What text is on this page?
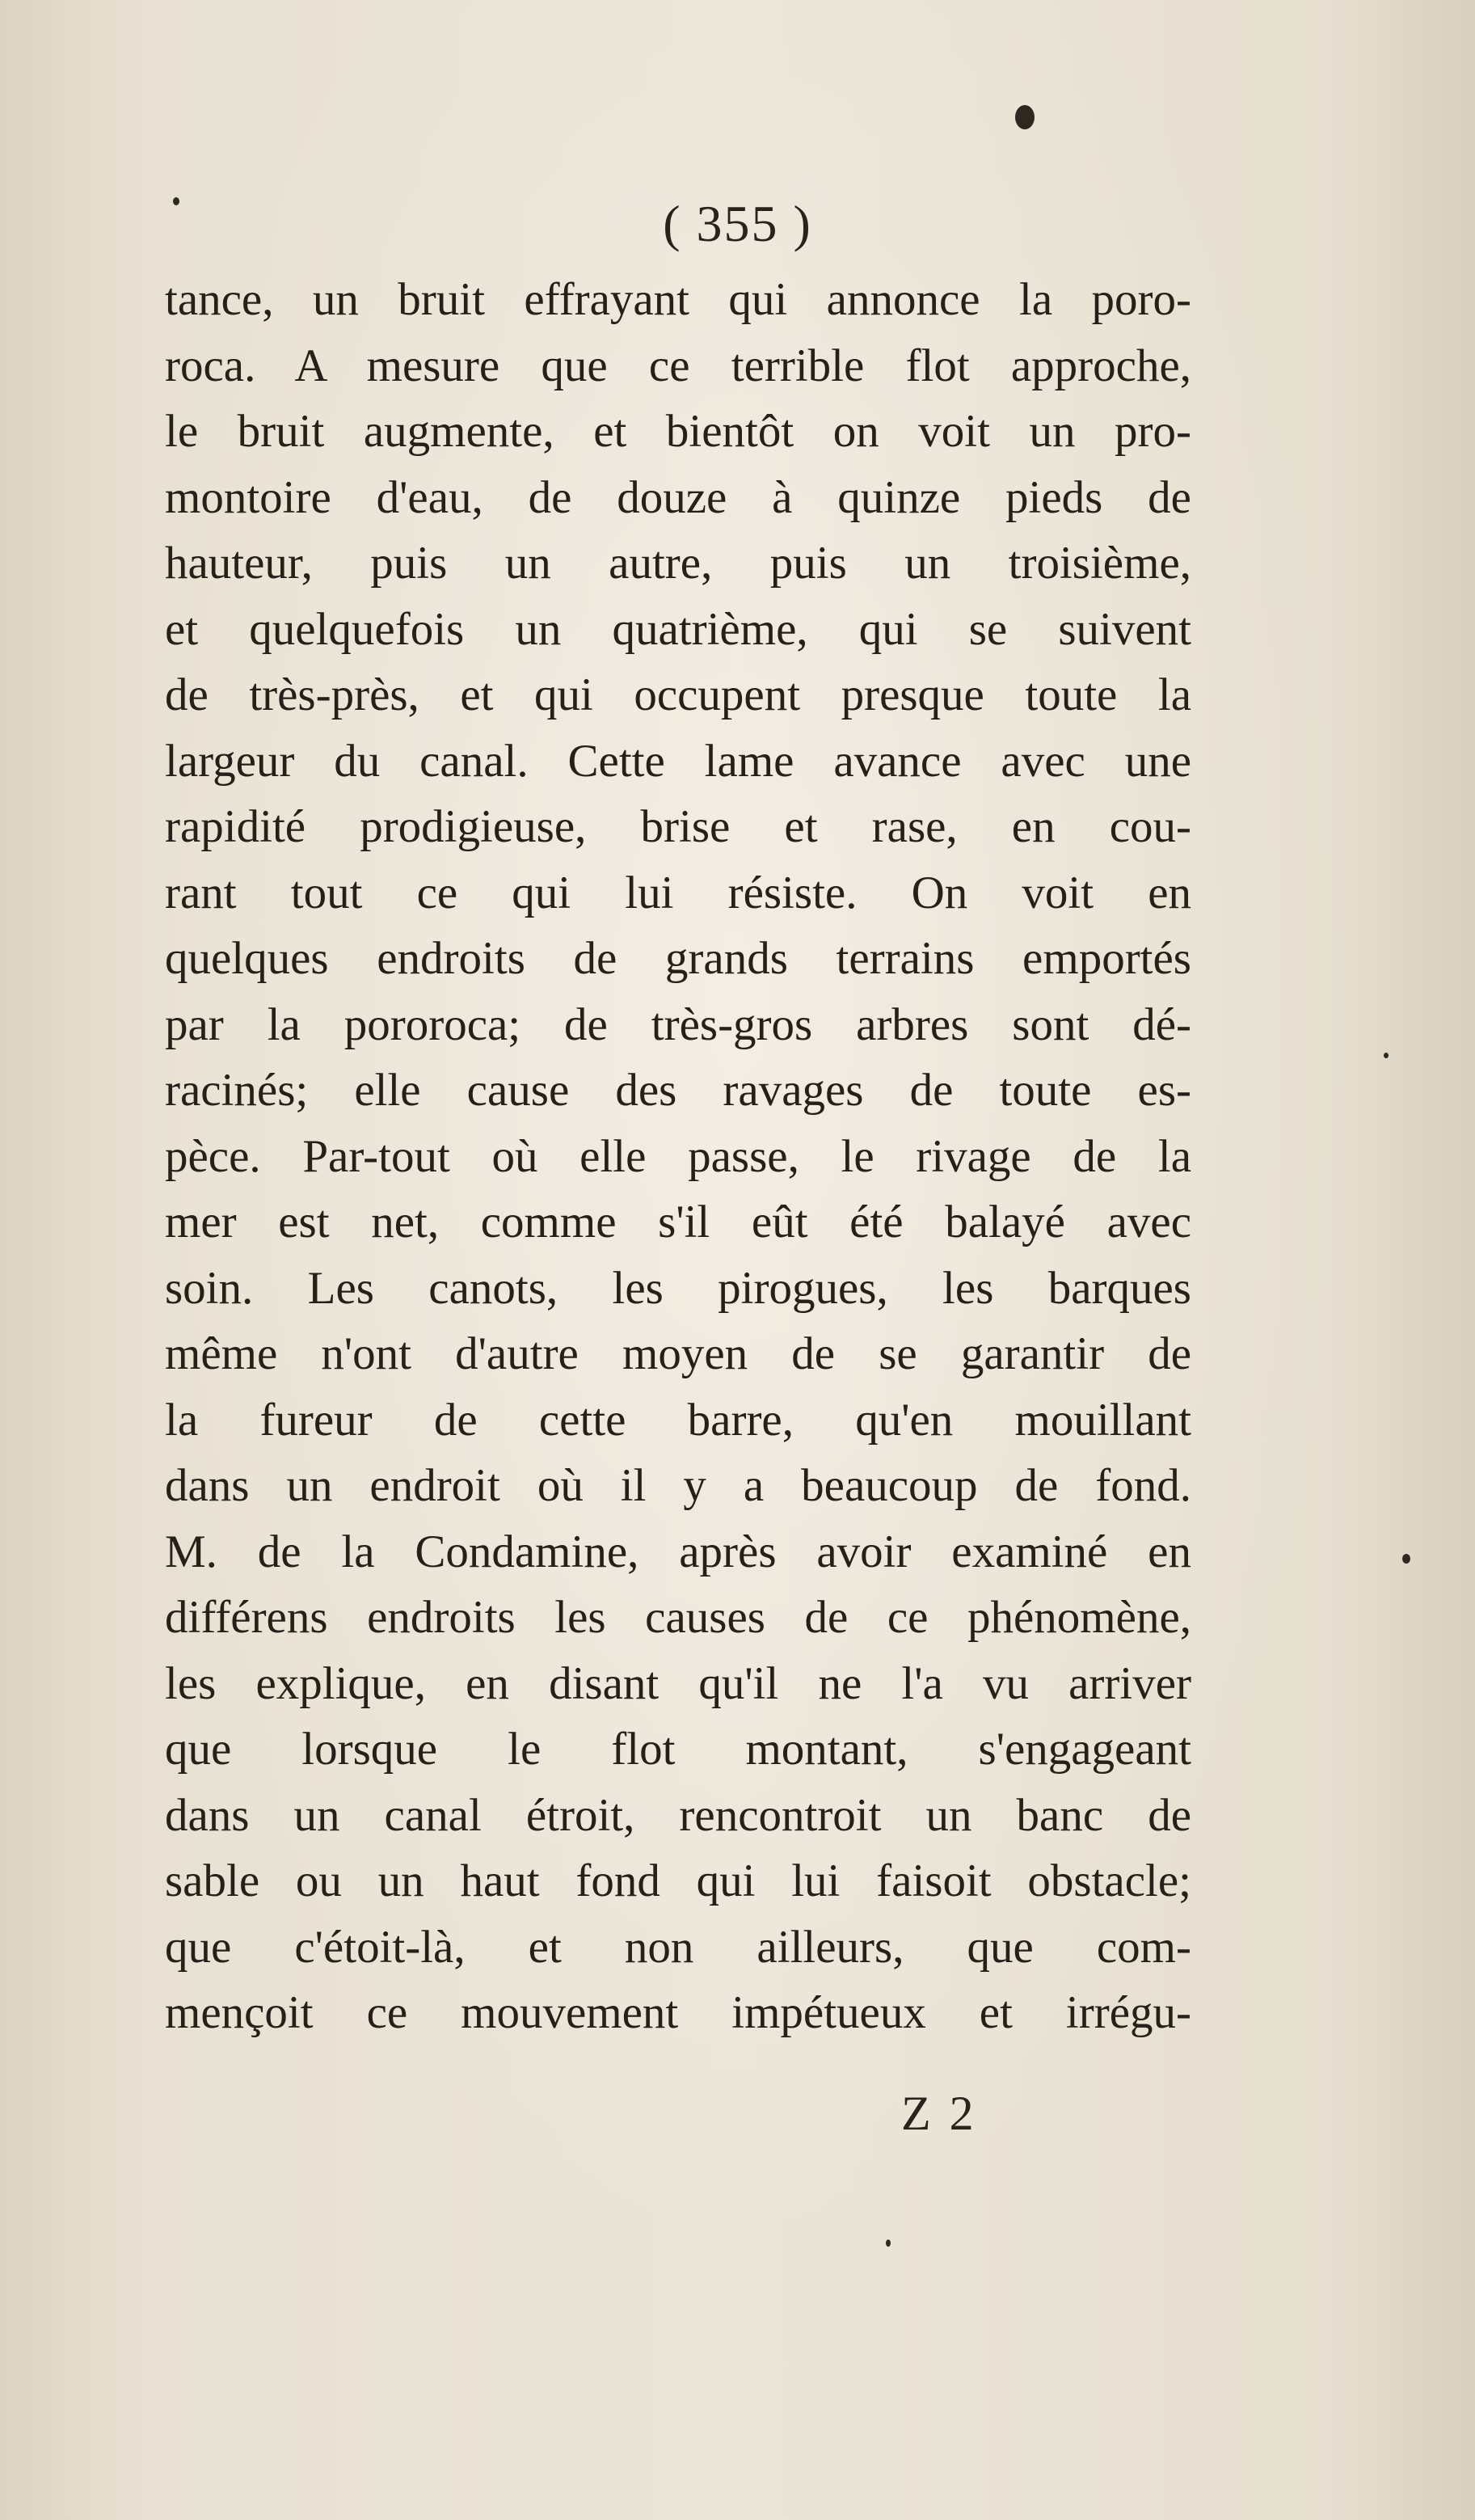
( 355 )
tance, un bruit effrayant qui annonce la poro-
roca. A mesure que ce terrible flot approche,
le bruit augmente, et bientôt on voit un pro-
montoire d'eau, de douze à quinze pieds de
hauteur, puis un autre, puis un troisième,
et quelquefois un quatrième, qui se suivent
de très-près, et qui occupent presque toute la
largeur du canal. Cette lame avance avec une
rapidité prodigieuse, brise et rase, en cou-
rant tout ce qui lui résiste. On voit en
quelques endroits de grands terrains emportés
par la pororoca; de très-gros arbres sont dé-
racinés; elle cause des ravages de toute es-
pèce. Par-tout où elle passe, le rivage de la
mer est net, comme s'il eût été balayé avec
soin. Les canots, les pirogues, les barques
même n'ont d'autre moyen de se garantir de
la fureur de cette barre, qu'en mouillant
dans un endroit où il y a beaucoup de fond.
M. de la Condamine, après avoir examiné en
différens endroits les causes de ce phénomène,
les explique, en disant qu'il ne l'a vu arriver
que lorsque le flot montant, s'engageant
dans un canal étroit, rencontroit un banc de
sable ou un haut fond qui lui faisoit obstacle;
que c'étoit-là, et non ailleurs, que com-
mençoit ce mouvement impétueux et irrégu-
Z 2
